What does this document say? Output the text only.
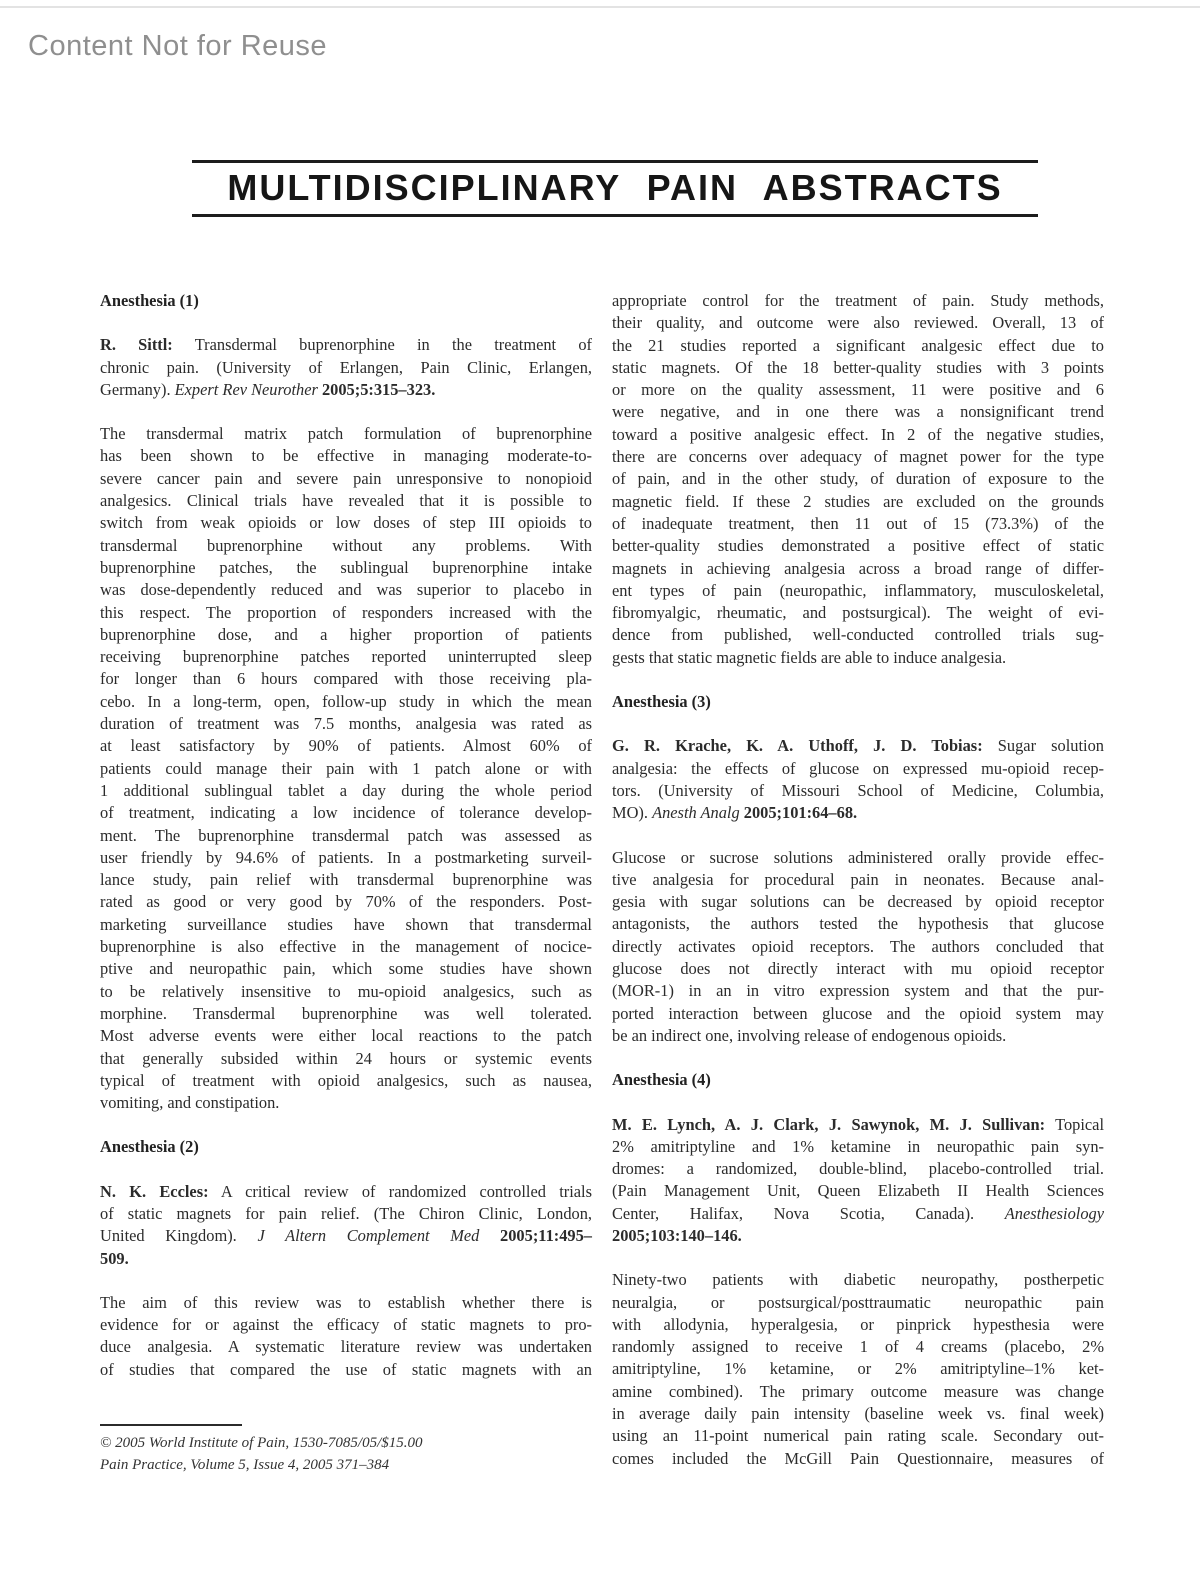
Content Not for Reuse
MULTIDISCIPLINARY PAIN ABSTRACTS
Anesthesia (1)
R. Sittl: Transdermal buprenorphine in the treatment of
chronic pain. (University of Erlangen, Pain Clinic, Erlangen,
Germany). Expert Rev Neurother 2005;5:315–323.
The transdermal matrix patch formulation of buprenorphine
has been shown to be effective in managing moderate-to-
severe cancer pain and severe pain unresponsive to nonopioid
analgesics. Clinical trials have revealed that it is possible to
switch from weak opioids or low doses of step III opioids to
transdermal buprenorphine without any problems. With
buprenorphine patches, the sublingual buprenorphine intake
was dose-dependently reduced and was superior to placebo in
this respect. The proportion of responders increased with the
buprenorphine dose, and a higher proportion of patients
receiving buprenorphine patches reported uninterrupted sleep
for longer than 6 hours compared with those receiving pla-
cebo. In a long-term, open, follow-up study in which the mean
duration of treatment was 7.5 months, analgesia was rated as
at least satisfactory by 90% of patients. Almost 60% of
patients could manage their pain with 1 patch alone or with
1 additional sublingual tablet a day during the whole period
of treatment, indicating a low incidence of tolerance develop-
ment. The buprenorphine transdermal patch was assessed as
user friendly by 94.6% of patients. In a postmarketing surveil-
lance study, pain relief with transdermal buprenorphine was
rated as good or very good by 70% of the responders. Post-
marketing surveillance studies have shown that transdermal
buprenorphine is also effective in the management of nocice-
ptive and neuropathic pain, which some studies have shown
to be relatively insensitive to mu-opioid analgesics, such as
morphine. Transdermal buprenorphine was well tolerated.
Most adverse events were either local reactions to the patch
that generally subsided within 24 hours or systemic events
typical of treatment with opioid analgesics, such as nausea,
vomiting, and constipation.
Anesthesia (2)
N. K. Eccles: A critical review of randomized controlled trials
of static magnets for pain relief. (The Chiron Clinic, London,
United Kingdom). J Altern Complement Med 2005;11:495–
509.
The aim of this review was to establish whether there is
evidence for or against the efficacy of static magnets to pro-
duce analgesia. A systematic literature review was undertaken
of studies that compared the use of static magnets with an
appropriate control for the treatment of pain. Study methods,
their quality, and outcome were also reviewed. Overall, 13 of
the 21 studies reported a significant analgesic effect due to
static magnets. Of the 18 better-quality studies with 3 points
or more on the quality assessment, 11 were positive and 6
were negative, and in one there was a nonsignificant trend
toward a positive analgesic effect. In 2 of the negative studies,
there are concerns over adequacy of magnet power for the type
of pain, and in the other study, of duration of exposure to the
magnetic field. If these 2 studies are excluded on the grounds
of inadequate treatment, then 11 out of 15 (73.3%) of the
better-quality studies demonstrated a positive effect of static
magnets in achieving analgesia across a broad range of differ-
ent types of pain (neuropathic, inflammatory, musculoskeletal,
fibromyalgic, rheumatic, and postsurgical). The weight of evi-
dence from published, well-conducted controlled trials sug-
gests that static magnetic fields are able to induce analgesia.
Anesthesia (3)
G. R. Krache, K. A. Uthoff, J. D. Tobias: Sugar solution
analgesia: the effects of glucose on expressed mu-opioid recep-
tors. (University of Missouri School of Medicine, Columbia,
MO). Anesth Analg 2005;101:64–68.
Glucose or sucrose solutions administered orally provide effec-
tive analgesia for procedural pain in neonates. Because anal-
gesia with sugar solutions can be decreased by opioid receptor
antagonists, the authors tested the hypothesis that glucose
directly activates opioid receptors. The authors concluded that
glucose does not directly interact with mu opioid receptor
(MOR-1) in an in vitro expression system and that the pur-
ported interaction between glucose and the opioid system may
be an indirect one, involving release of endogenous opioids.
Anesthesia (4)
M. E. Lynch, A. J. Clark, J. Sawynok, M. J. Sullivan: Topical
2% amitriptyline and 1% ketamine in neuropathic pain syn-
dromes: a randomized, double-blind, placebo-controlled trial.
(Pain Management Unit, Queen Elizabeth II Health Sciences
Center, Halifax, Nova Scotia, Canada). Anesthesiology
2005;103:140–146.
Ninety-two patients with diabetic neuropathy, postherpetic
neuralgia, or postsurgical/posttraumatic neuropathic pain
with allodynia, hyperalgesia, or pinprick hypesthesia were
randomly assigned to receive 1 of 4 creams (placebo, 2%
amitriptyline, 1% ketamine, or 2% amitriptyline–1% ket-
amine combined). The primary outcome measure was change
in average daily pain intensity (baseline week vs. final week)
using an 11-point numerical pain rating scale. Secondary out-
comes included the McGill Pain Questionnaire, measures of
© 2005 World Institute of Pain, 1530-7085/05/$15.00
Pain Practice, Volume 5, Issue 4, 2005 371–384
